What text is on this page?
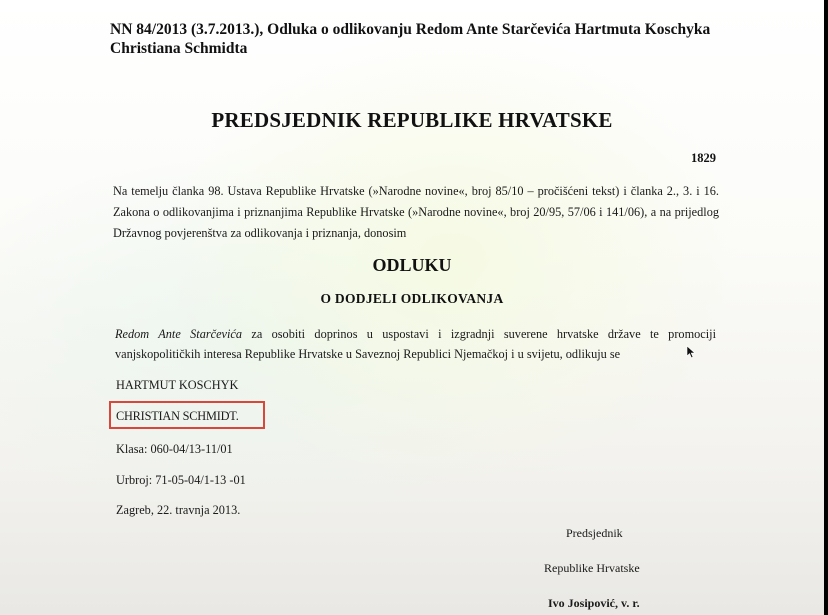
NN 84/2013 (3.7.2013.), Odluka o odlikovanju Redom Ante Starčevića Hartmuta Koschyka Christiana Schmidta
PREDSJEDNIK REPUBLIKE HRVATSKE
1829
Na temelju članka 98. Ustava Republike Hrvatske (»Narodne novine«, broj 85/10 – pročišćeni tekst) i članka 2., 3. i 16. Zakona o odlikovanjima i priznanjima Republike Hrvatske (»Narodne novine«, broj 20/95, 57/06 i 141/06), a na prijedlog Državnog povjerenštva za odlikovanja i priznanja, donosim
ODLUKU
O DODJELI ODLIKOVANJA
Redom Ante Starčevića za osobiti doprinos u uspostavi i izgradnji suverene hrvatske države te promociji vanjskopolitičkih interesa Republike Hrvatske u Saveznoj Republici Njemačkoj i u svijetu, odlikuju se
HARTMUT KOSCHYK
CHRISTIAN SCHMIDT.
Klasa: 060-04/13-11/01
Urbroj: 71-05-04/1-13 -01
Zagreb, 22. travnja 2013.
Predsjednik
Republike Hrvatske
Ivo Josipović, v. r.
